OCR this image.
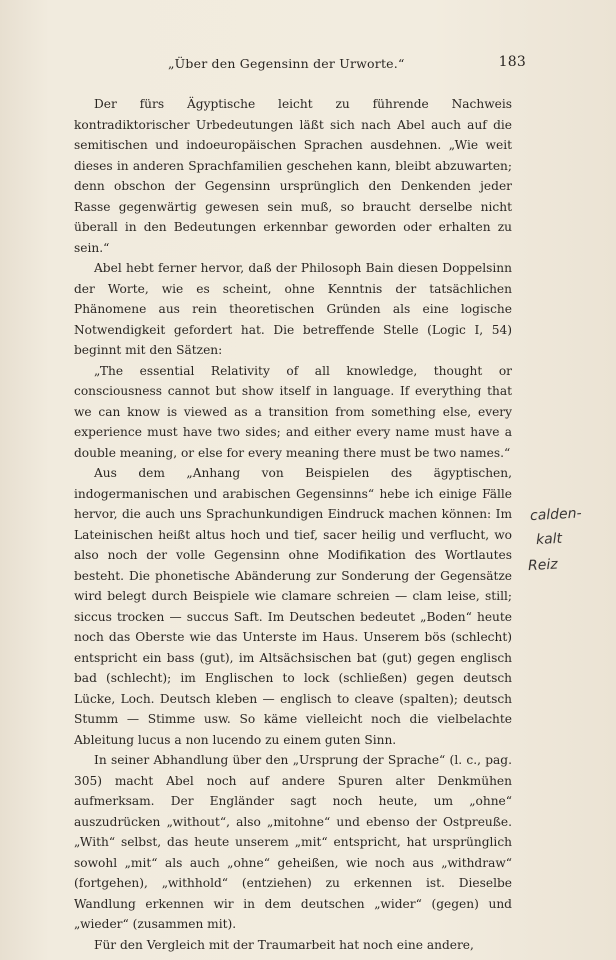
„Über den Gegensinn der Urworte.“	183

Der fürs Ägyptische leicht zu führende Nachweis kontradiktorischer Urbedeutungen läßt sich nach Abel auch auf die semitischen und indoeuropäischen Sprachen ausdehnen. „Wie weit dieses in anderen Sprachfamilien geschehen kann, bleibt abzuwarten; denn obschon der Gegensinn ursprünglich den Denkenden jeder Rasse gegenwärtig gewesen sein muß, so braucht derselbe nicht überall in den Bedeutungen erkennbar geworden oder erhalten zu sein.“

Abel hebt ferner hervor, daß der Philosoph Bain diesen Doppelsinn der Worte, wie es scheint, ohne Kenntnis der tatsächlichen Phänomene aus rein theoretischen Gründen als eine logische Notwendigkeit gefordert hat. Die betreffende Stelle (Logic I, 54) beginnt mit den Sätzen:

„The essential Relativity of all knowledge, thought or consciousness cannot but show itself in language. If everything that we can know is viewed as a transition from something else, every experience must have two sides; and either every name must have a double meaning, or else for every meaning there must be two names.“

Aus dem „Anhang von Beispielen des ägyptischen, indogermanischen und arabischen Gegensinns“ hebe ich einige Fälle hervor, die auch uns Sprachunkundigen Eindruck machen können: Im Lateinischen heißt altus hoch und tief, sacer heilig und verflucht, wo also noch der volle Gegensinn ohne Modifikation des Wortlautes besteht. Die phonetische Abänderung zur Sonderung der Gegensätze wird belegt durch Beispiele wie clamare schreien — clam leise, still; siccus trocken — succus Saft. Im Deutschen bedeutet „Boden“ heute noch das Oberste wie das Unterste im Haus. Unserem bös (schlecht) entspricht ein bass (gut), im Altsächsischen bat (gut) gegen englisch bad (schlecht); im Englischen to lock (schließen) gegen deutsch Lücke, Loch. Deutsch kleben — englisch to cleave (spalten); deutsch Stumm — Stimme usw. So käme vielleicht noch die vielbelachte Ableitung lucus a non lucendo zu einem guten Sinn.

In seiner Abhandlung über den „Ursprung der Sprache“ (l. c., pag. 305) macht Abel noch auf andere Spuren alter Denkmühen aufmerksam. Der Engländer sagt noch heute, um „ohne“ auszudrücken „without“, also „mitohne“ und ebenso der Ostpreuße. „With“ selbst, das heute unserem „mit“ entspricht, hat ursprünglich sowohl „mit“ als auch „ohne“ geheißen, wie noch aus „withdraw“ (fortgehen), „withhold“ (entziehen) zu erkennen ist. Dieselbe Wandlung erkennen wir in dem deutschen „wider“ (gegen) und „wieder“ (zusammen mit).

Für den Vergleich mit der Traumarbeit hat noch eine andere,

calden-
kalt
Reiz
